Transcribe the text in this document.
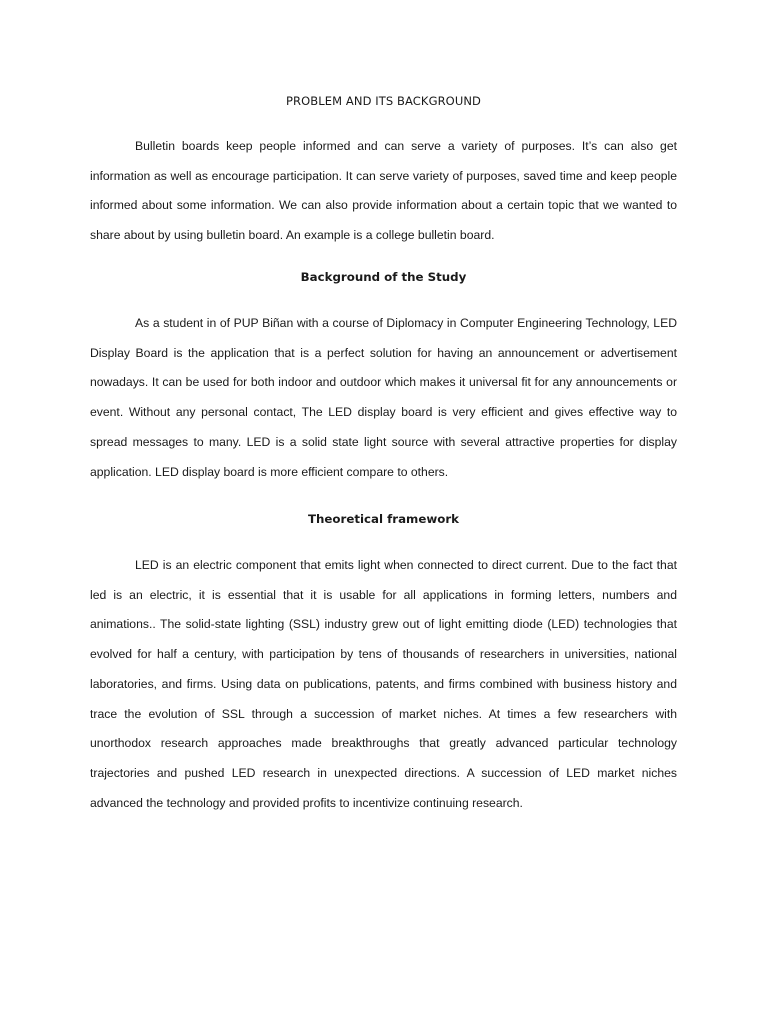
PROBLEM AND ITS BACKGROUND

Bulletin boards keep people informed and can serve a variety of purposes. It’s can also get information as well as encourage participation. It can serve variety of purposes, saved time and keep people informed about some information. We can also provide information about a certain topic that we wanted to share about by using bulletin board. An example is a college bulletin board.

Background of the Study

As a student in of PUP Biñan with a course of Diplomacy in Computer Engineering Technology, LED Display Board is the application that is a perfect solution for having an announcement or advertisement nowadays. It can be used for both indoor and outdoor which makes it universal fit for any announcements or event. Without any personal contact, The LED display board is very efficient and gives effective way to spread messages to many. LED is a solid state light source with several attractive properties for display application. LED display board is more efficient compare to others.

Theoretical framework

LED is an electric component that emits light when connected to direct current. Due to the fact that led is an electric, it is essential that it is usable for all applications in forming letters, numbers and animations.. The solid-state lighting (SSL) industry grew out of light emitting diode (LED) technologies that evolved for half a century, with participation by tens of thousands of researchers in universities, national laboratories, and firms. Using data on publications, patents, and firms combined with business history and trace the evolution of SSL through a succession of market niches. At times a few researchers with unorthodox research approaches made breakthroughs that greatly advanced particular technology trajectories and pushed LED research in unexpected directions. A succession of LED market niches advanced the technology and provided profits to incentivize continuing research.
